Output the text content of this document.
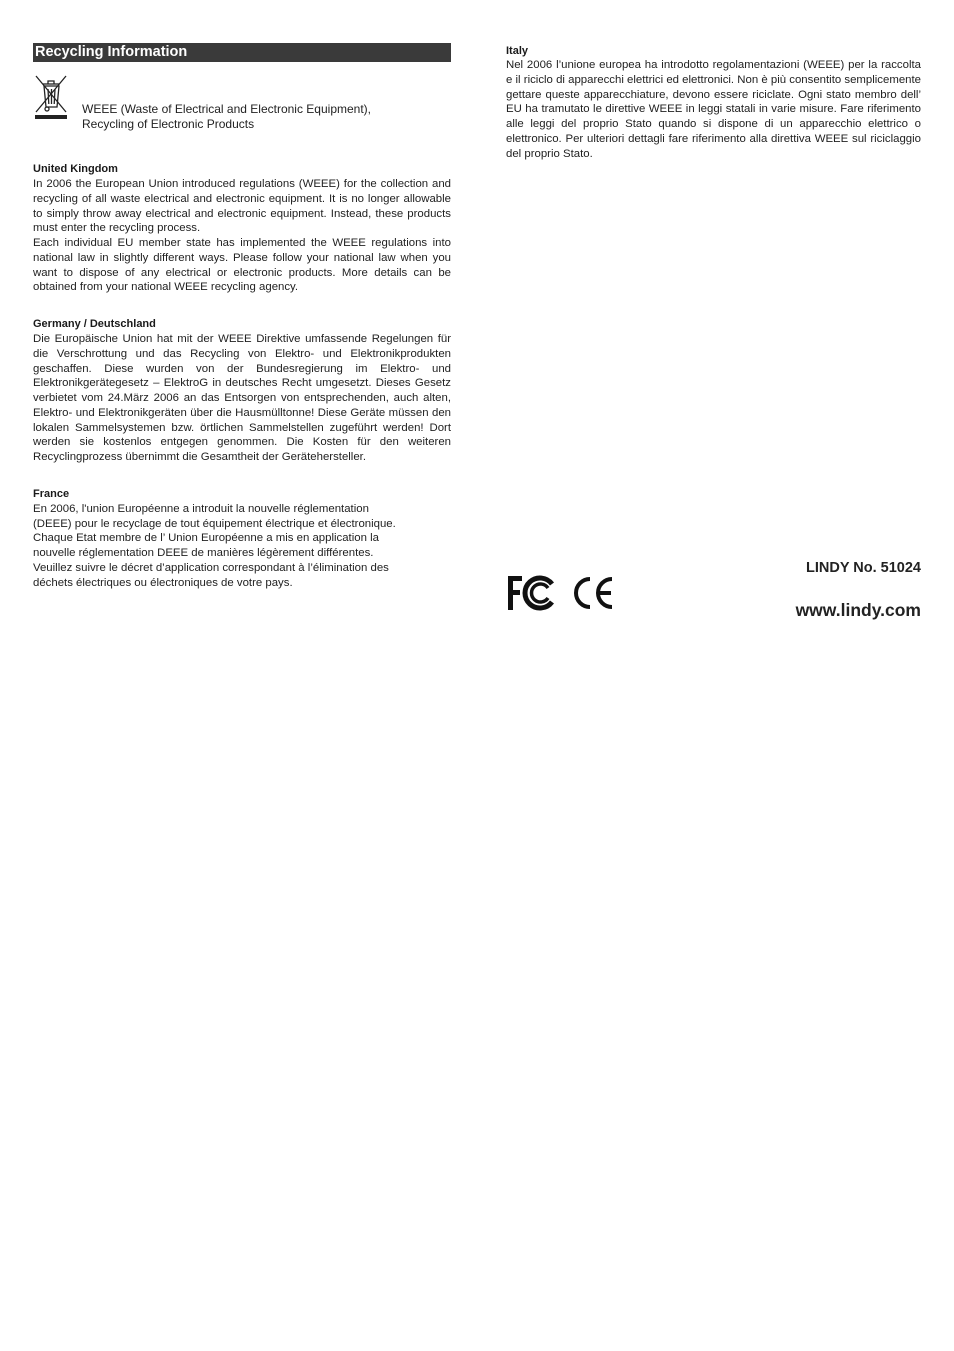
Recycling Information
WEEE (Waste of Electrical and Electronic Equipment),
Recycling of Electronic Products
United Kingdom

In 2006 the European Union introduced regulations (WEEE) for the collection and recycling of all waste electrical and electronic equipment. It is no longer allowable to simply throw away electrical and electronic equipment. Instead, these products must enter the recycling process.

Each individual EU member state has implemented the WEEE regulations into national law in slightly different ways. Please follow your national law when you want to dispose of any electrical or electronic products. More details can be obtained from your national WEEE recycling agency.

Germany / Deutschland

Die Europäische Union hat mit der WEEE Direktive umfassende Regelungen für die Verschrottung und das Recycling von Elektro- und Elektronikprodukten geschaffen. Diese wurden von der Bundesregierung im Elektro- und Elektronikgerätegesetz – ElektroG in deutsches Recht umgesetzt. Dieses Gesetz verbietet vom 24.März 2006 an das Entsorgen von entsprechenden, auch alten, Elektro- und Elektronikgeräten über die Hausmülltonne! Diese Geräte müssen den lokalen Sammelsystemen bzw. örtlichen Sammelstellen zugeführt werden! Dort werden sie kostenlos entgegen genommen. Die Kosten für den weiteren Recyclingprozess übernimmt die Gesamtheit der Gerätehersteller.

France

En 2006, l'union Européenne a introduit la nouvelle réglementation
(DEEE) pour le recyclage de tout équipement électrique et électronique.
Chaque Etat membre de l’ Union Européenne a mis en application la
nouvelle réglementation DEEE de manières légèrement différentes.
Veuillez suivre le décret d’application correspondant à l’élimination des
déchets électriques ou électroniques de votre pays.

Italy

Nel 2006 l’unione europea ha introdotto regolamentazioni (WEEE) per la raccolta e il riciclo di apparecchi elettrici ed elettronici. Non è più consentito semplicemente gettare queste apparecchiature, devono essere riciclate. Ogni stato membro dell’ EU ha tramutato le direttive WEEE in leggi statali in varie misure. Fare riferimento alle leggi del proprio Stato quando si dispone di un apparecchio elettrico o elettronico. Per ulteriori dettagli fare riferimento alla direttiva WEEE sul riciclaggio del proprio Stato.

LINDY No. 51024
www.lindy.com
